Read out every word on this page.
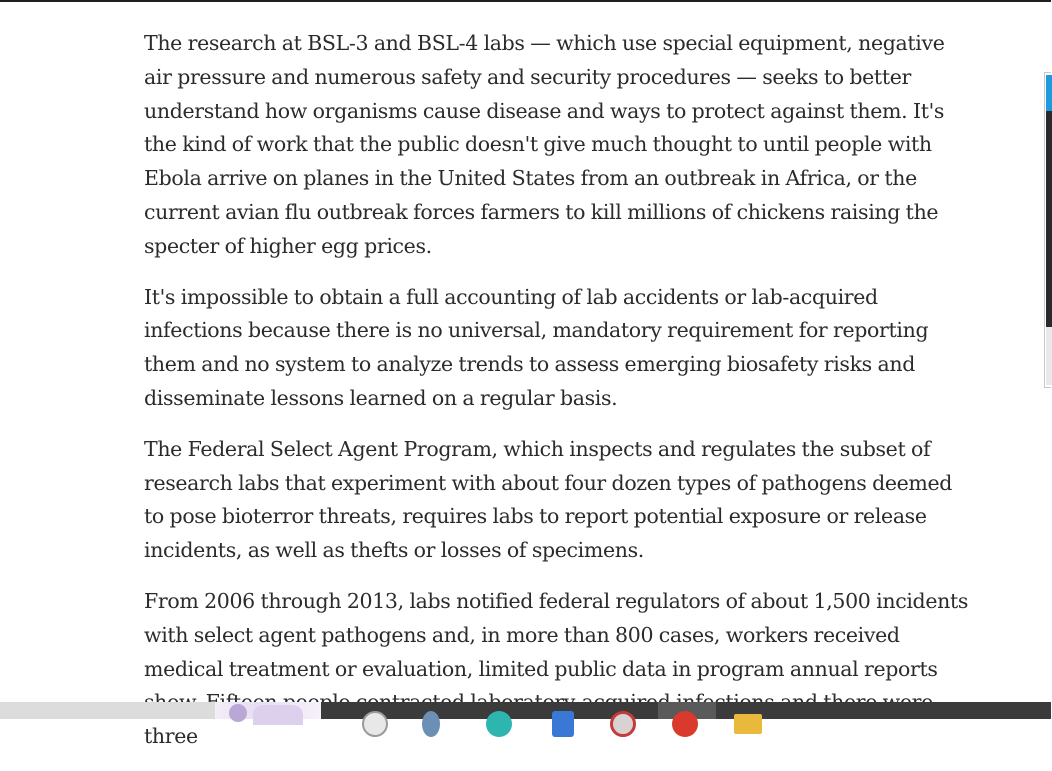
The research at BSL-3 and BSL-4 labs — which use special equipment, negative air pressure and numerous safety and security procedures — seeks to better understand how organisms cause disease and ways to protect against them. It's the kind of work that the public doesn't give much thought to until people with Ebola arrive on planes in the United States from an outbreak in Africa, or the current avian flu outbreak forces farmers to kill millions of chickens raising the specter of higher egg prices.

It's impossible to obtain a full accounting of lab accidents or lab-acquired infections because there is no universal, mandatory requirement for reporting them and no system to analyze trends to assess emerging biosafety risks and disseminate lessons learned on a regular basis.

The Federal Select Agent Program, which inspects and regulates the subset of research labs that experiment with about four dozen types of pathogens deemed to pose bioterror threats, requires labs to report potential exposure or release incidents, as well as thefts or losses of specimens.

From 2006 through 2013, labs notified federal regulators of about 1,500 incidents with select agent pathogens and, in more than 800 cases, workers received medical treatment or evaluation, limited public data in program annual reports three
